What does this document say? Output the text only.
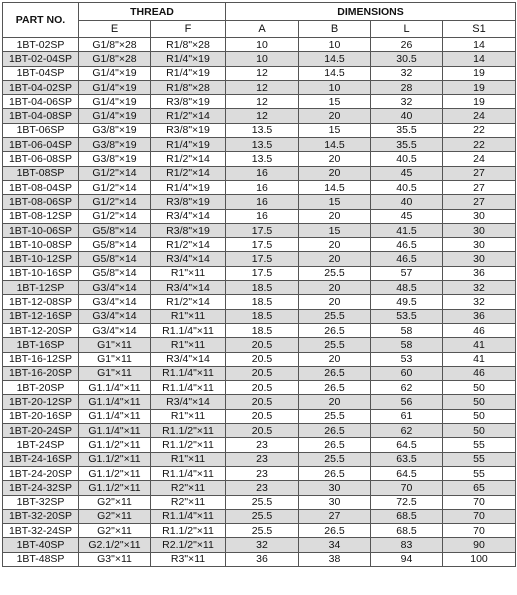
PART NO.	THREAD		DIMENSIONS			
	E	F	A	B	L	S1
1BT-02SP	G1/8"×28	R1/8"×28	10	10	26	14
1BT-02-04SP	G1/8"×28	R1/4"×19	10	14.5	30.5	14
1BT-04SP	G1/4"×19	R1/4"×19	12	14.5	32	19
1BT-04-02SP	G1/4"×19	R1/8"×28	12	10	28	19
1BT-04-06SP	G1/4"×19	R3/8"×19	12	15	32	19
1BT-04-08SP	G1/4"×19	R1/2"×14	12	20	40	24
1BT-06SP	G3/8"×19	R3/8"×19	13.5	15	35.5	22
1BT-06-04SP	G3/8"×19	R1/4"×19	13.5	14.5	35.5	22
1BT-06-08SP	G3/8"×19	R1/2"×14	13.5	20	40.5	24
1BT-08SP	G1/2"×14	R1/2"×14	16	20	45	27
1BT-08-04SP	G1/2"×14	R1/4"×19	16	14.5	40.5	27
1BT-08-06SP	G1/2"×14	R3/8"×19	16	15	40	27
1BT-08-12SP	G1/2"×14	R3/4"×14	16	20	45	30
1BT-10-06SP	G5/8"×14	R3/8"×19	17.5	15	41.5	30
1BT-10-08SP	G5/8"×14	R1/2"×14	17.5	20	46.5	30
1BT-10-12SP	G5/8"×14	R3/4"×14	17.5	20	46.5	30
1BT-10-16SP	G5/8"×14	R1"×11	17.5	25.5	57	36
1BT-12SP	G3/4"×14	R3/4"×14	18.5	20	48.5	32
1BT-12-08SP	G3/4"×14	R1/2"×14	18.5	20	49.5	32
1BT-12-16SP	G3/4"×14	R1"×11	18.5	25.5	53.5	36
1BT-12-20SP	G3/4"×14	R1.1/4"×11	18.5	26.5	58	46
1BT-16SP	G1"×11	R1"×11	20.5	25.5	58	41
1BT-16-12SP	G1"×11	R3/4"×14	20.5	20	53	41
1BT-16-20SP	G1"×11	R1.1/4"×11	20.5	26.5	60	46
1BT-20SP	G1.1/4"×11	R1.1/4"×11	20.5	26.5	62	50
1BT-20-12SP	G1.1/4"×11	R3/4"×14	20.5	20	56	50
1BT-20-16SP	G1.1/4"×11	R1"×11	20.5	25.5	61	50
1BT-20-24SP	G1.1/4"×11	R1.1/2"×11	20.5	26.5	62	50
1BT-24SP	G1.1/2"×11	R1.1/2"×11	23	26.5	64.5	55
1BT-24-16SP	G1.1/2"×11	R1"×11	23	25.5	63.5	55
1BT-24-20SP	G1.1/2"×11	R1.1/4"×11	23	26.5	64.5	55
1BT-24-32SP	G1.1/2"×11	R2"×11	23	30	70	65
1BT-32SP	G2"×11	R2"×11	25.5	30	72.5	70
1BT-32-20SP	G2"×11	R1.1/4"×11	25.5	27	68.5	70
1BT-32-24SP	G2"×11	R1.1/2"×11	25.5	26.5	68.5	70
1BT-40SP	G2.1/2"×11	R2.1/2"×11	32	34	83	90
1BT-48SP	G3"×11	R3"×11	36	38	94	100
